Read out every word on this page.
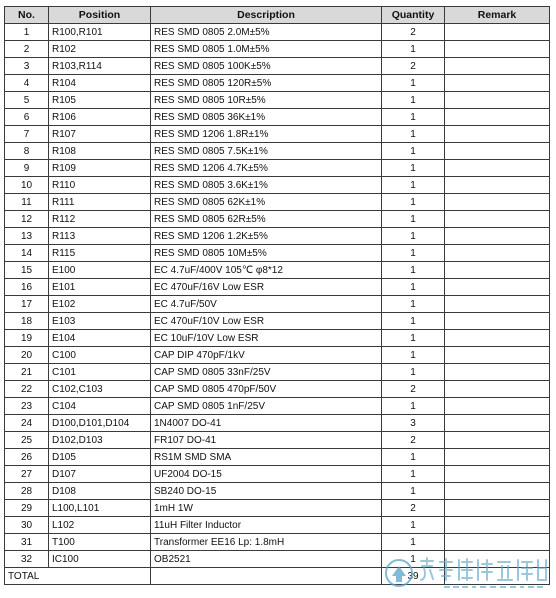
No.	Position	Description	Quantity	Remark
1	R100,R101	RES SMD 0805 2.0M±5%	2	
2	R102	RES SMD 0805 1.0M±5%	1	
3	R103,R114	RES SMD 0805 100K±5%	2	
4	R104	RES SMD 0805 120R±5%	1	
5	R105	RES SMD 0805 10R±5%	1	
6	R106	RES SMD 0805 36K±1%	1	
7	R107	RES SMD 1206 1.8R±1%	1	
8	R108	RES SMD 0805 7.5K±1%	1	
9	R109	RES SMD 1206 4.7K±5%	1	
10	R110	RES SMD 0805 3.6K±1%	1	
11	R111	RES SMD 0805 62K±1%	1	
12	R112	RES SMD 0805 62R±5%	1	
13	R113	RES SMD 1206 1.2K±5%	1	
14	R115	RES SMD 0805 10M±5%	1	
15	E100	EC 4.7uF/400V 105℃ φ8*12	1	
16	E101	EC 470uF/16V Low ESR	1	
17	E102	EC 4.7uF/50V	1	
18	E103	EC 470uF/10V Low ESR	1	
19	E104	EC 10uF/10V Low ESR	1	
20	C100	CAP DIP 470pF/1kV	1	
21	C101	CAP SMD 0805 33nF/25V	1	
22	C102,C103	CAP SMD 0805 470pF/50V	2	
23	C104	CAP SMD 0805 1nF/25V	1	
24	D100,D101,D104	1N4007 DO-41	3	
25	D102,D103	FR107 DO-41	2	
26	D105	RS1M SMD SMA	1	
27	D107	UF2004 DO-15	1	
28	D108	SB240 DO-15	1	
29	L100,L101	1mH 1W	2	
30	L102	11uH Filter Inductor	1	
31	T100	Transformer EE16 Lp: 1.8mH	1	
32	IC100	OB2521	1	
TOTAL			39	
